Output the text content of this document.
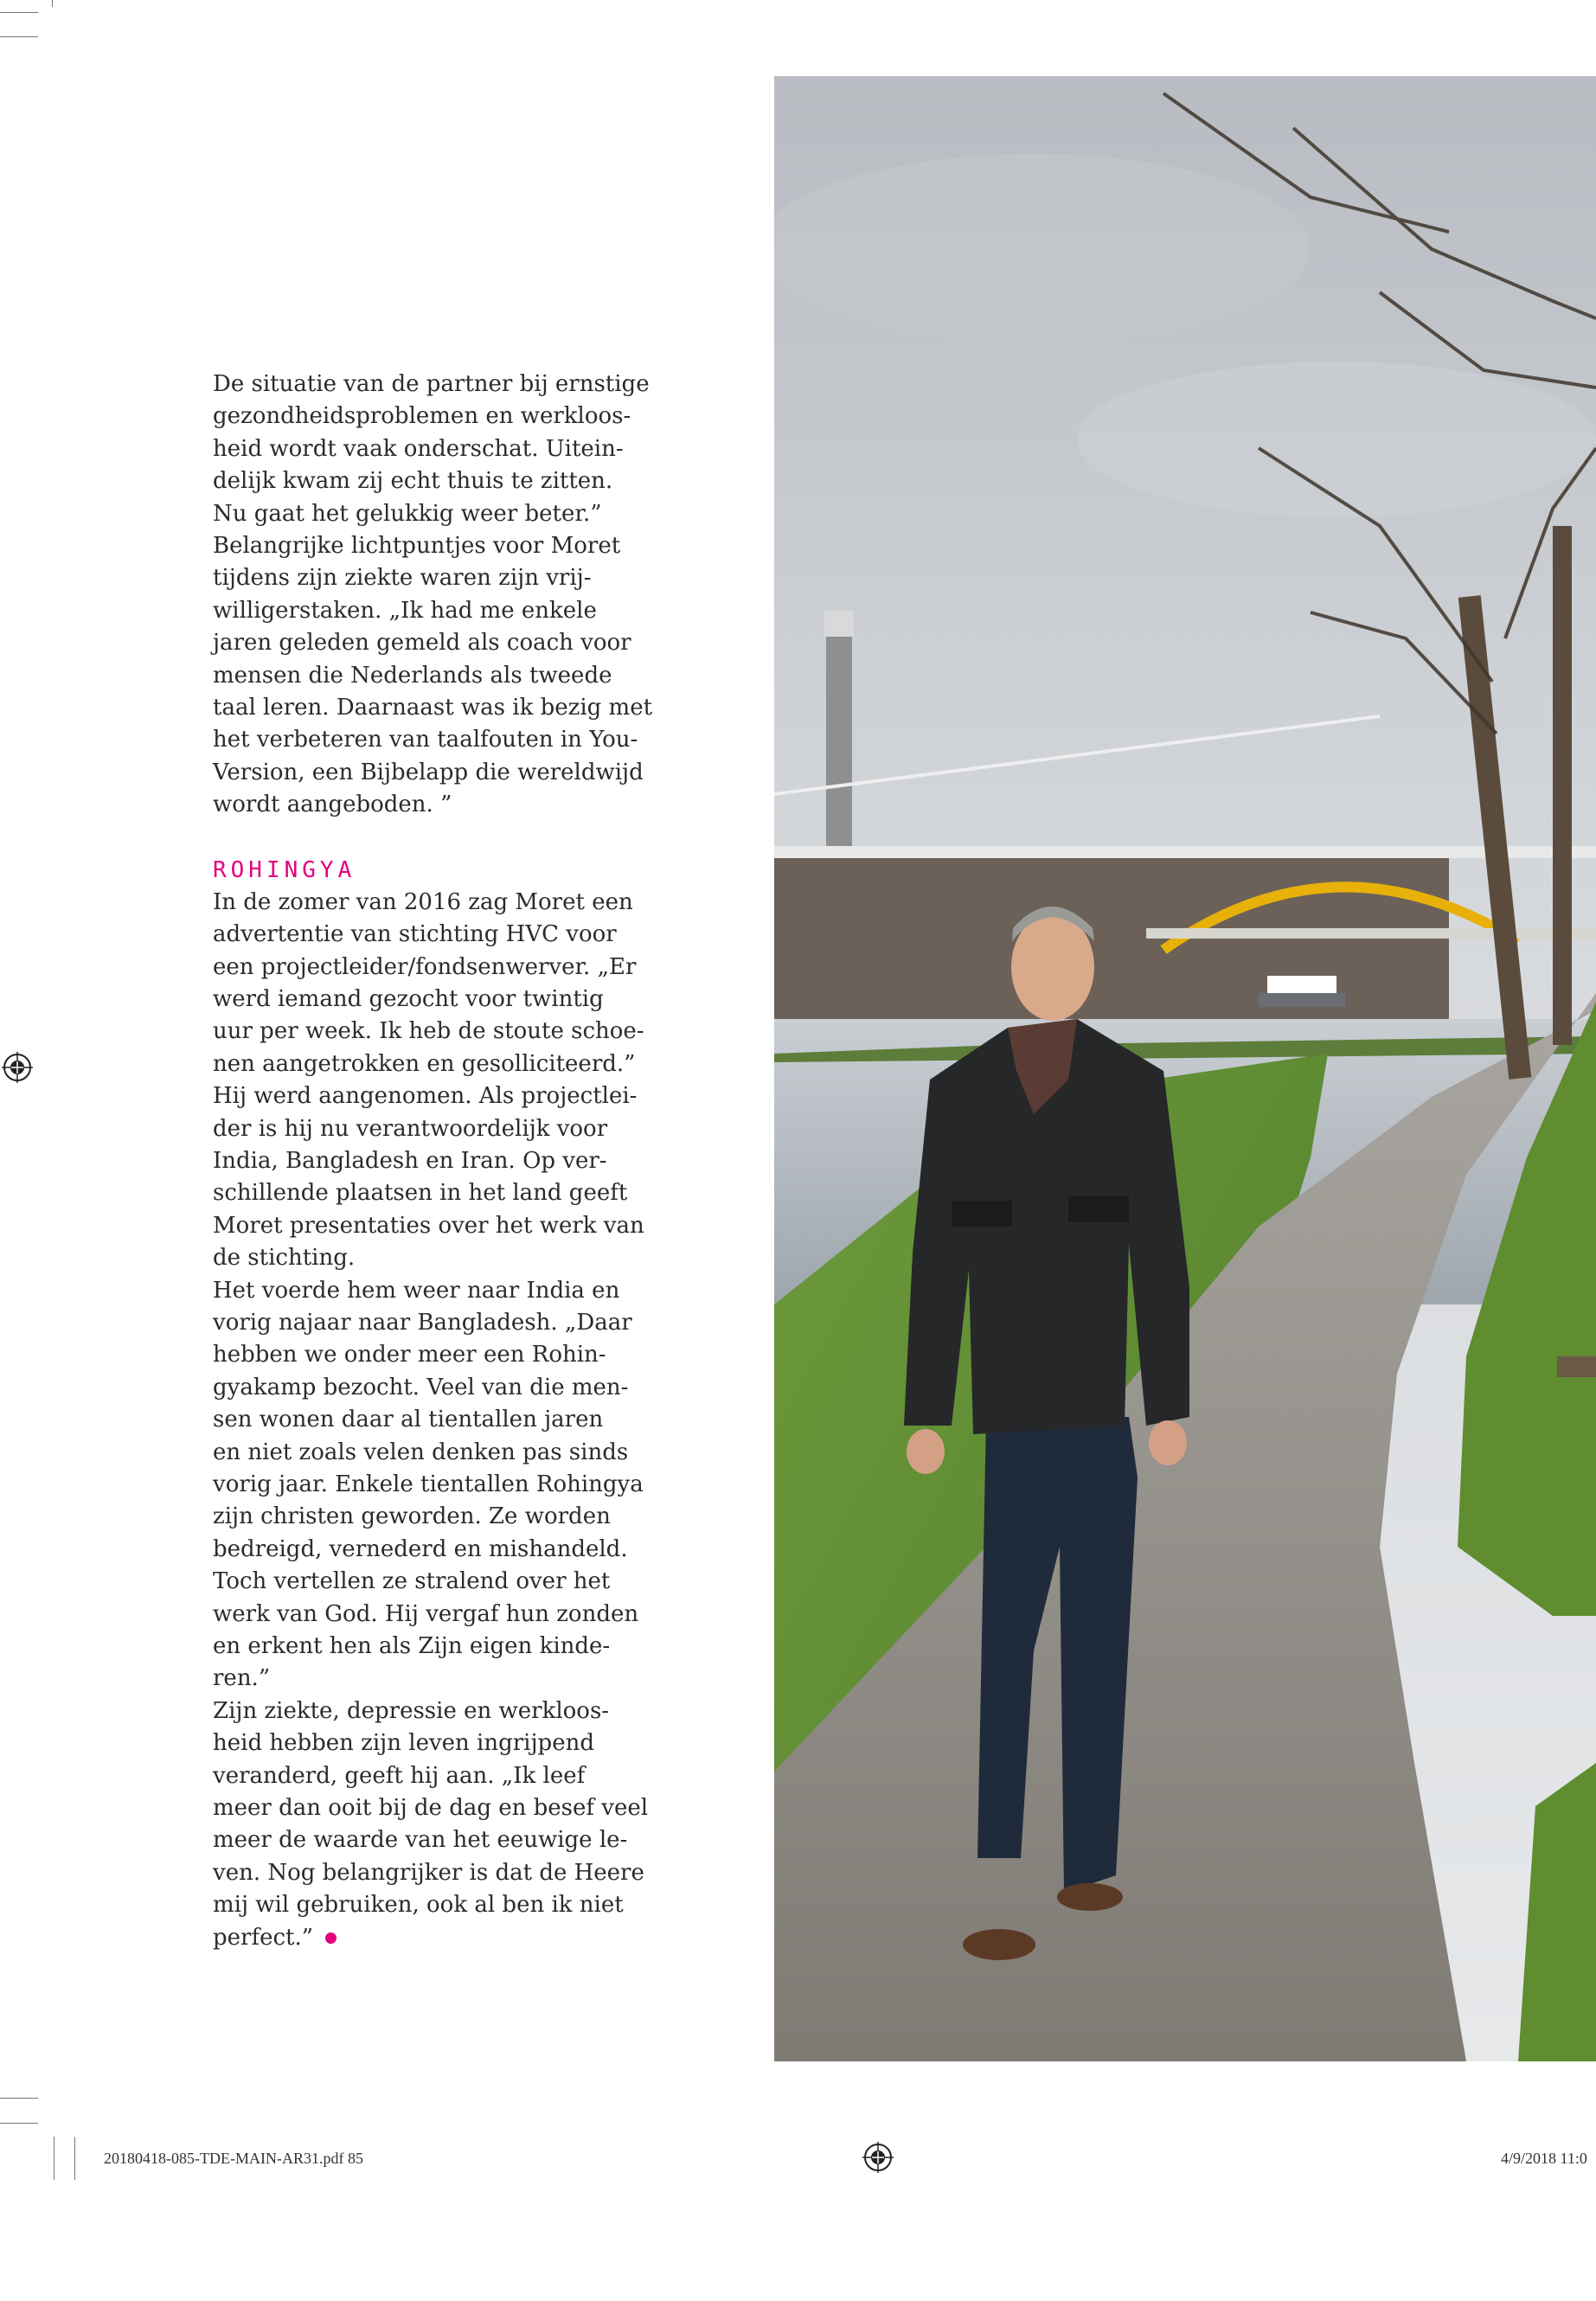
De situatie van de partner bij ernstige
gezondheidsproblemen en werkloos-
heid wordt vaak onderschat. Uitein-
delijk kwam zij echt thuis te zitten.
Nu gaat het gelukkig weer beter.”
Belangrijke lichtpuntjes voor Moret
tijdens zijn ziekte waren zijn vrij-
willigerstaken. „Ik had me enkele
jaren geleden gemeld als coach voor
mensen die Nederlands als tweede
taal leren. Daarnaast was ik bezig met
het verbeteren van taalfouten in You-
Version, een Bijbelapp die wereldwijd
wordt aangeboden. ”

ROHINGYA

In de zomer van 2016 zag Moret een
advertentie van stichting HVC voor
een projectleider/fondsenwerver. „Er
werd iemand gezocht voor twintig
uur per week. Ik heb de stoute schoe-
nen aangetrokken en gesolliciteerd.”
Hij werd aangenomen. Als projectlei-
der is hij nu verantwoordelijk voor
India, Bangladesh en Iran. Op ver-
schillende plaatsen in het land geeft
Moret presentaties over het werk van
de stichting.

Het voerde hem weer naar India en
vorig najaar naar Bangladesh. „Daar
hebben we onder meer een Rohin-
gyakamp bezocht. Veel van die men-
sen wonen daar al tientallen jaren
en niet zoals velen denken pas sinds
vorig jaar. Enkele tientallen Rohingya
zijn christen geworden. Ze worden
bedreigd, vernederd en mishandeld.
Toch vertellen ze stralend over het
werk van God. Hij vergaf hun zonden
en erkent hen als Zijn eigen kinde-
ren.”

Zijn ziekte, depressie en werkloos-
heid hebben zijn leven ingrijpend
veranderd, geeft hij aan. „Ik leef
meer dan ooit bij de dag en besef veel
meer de waarde van het eeuwige le-
ven. Nog belangrijker is dat de Heere
mij wil gebruiken, ook al ben ik niet
perfect.”

20180418-085-TDE-MAIN-AR31.pdf 85	4/9/2018 11:0
